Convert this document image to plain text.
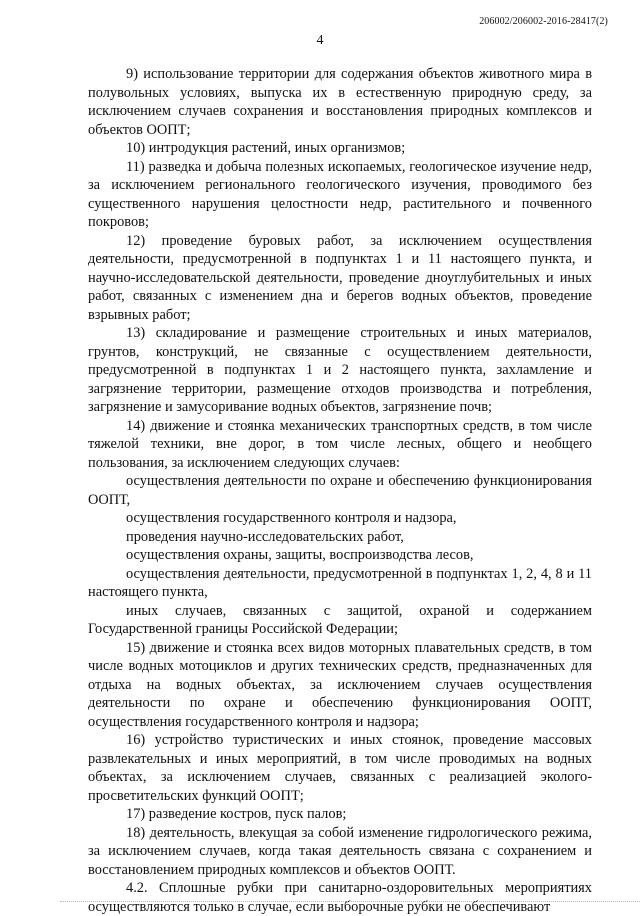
206002/206002-2016-28417(2)
4

9) использование территории для содержания объектов животного мира в полувольных условиях, выпуска их в естественную природную среду, за исключением случаев сохранения и восстановления природных комплексов и объектов ООПТ;

10) интродукция растений, иных организмов;

11) разведка и добыча полезных ископаемых, геологическое изучение недр, за исключением регионального геологического изучения, проводимого без существенного нарушения целостности недр, растительного и почвенного покровов;

12) проведение буровых работ, за исключением осуществления деятельности, предусмотренной в подпунктах 1 и 11 настоящего пункта, и научно-исследовательской деятельности, проведение дноуглубительных и иных работ, связанных с изменением дна и берегов водных объектов, проведение взрывных работ;

13) складирование и размещение строительных и иных материалов, грунтов, конструкций, не связанные с осуществлением деятельности, предусмотренной в подпунктах 1 и 2 настоящего пункта, захламление и загрязнение территории, размещение отходов производства и потребления, загрязнение и замусоривание водных объектов, загрязнение почв;

14) движение и стоянка механических транспортных средств, в том числе тяжелой техники, вне дорог, в том числе лесных, общего и необщего пользования, за исключением следующих случаев:

осуществления деятельности по охране и обеспечению функционирования ООПТ,

осуществления государственного контроля и надзора,

проведения научно-исследовательских работ,

осуществления охраны, защиты, воспроизводства лесов,

осуществления деятельности, предусмотренной в подпунктах 1, 2, 4, 8 и 11 настоящего пункта,

иных случаев, связанных с защитой, охраной и содержанием Государственной границы Российской Федерации;

15) движение и стоянка всех видов моторных плавательных средств, в том числе водных мотоциклов и других технических средств, предназначенных для отдыха на водных объектах, за исключением случаев осуществления деятельности по охране и обеспечению функционирования ООПТ, осуществления государственного контроля и надзора;

16) устройство туристических и иных стоянок, проведение массовых развлекательных и иных мероприятий, в том числе проводимых на водных объектах, за исключением случаев, связанных с реализацией эколого-просветительских функций ООПТ;

17) разведение костров, пуск палов;

18) деятельность, влекущая за собой изменение гидрологического режима, за исключением случаев, когда такая деятельность связана с сохранением и восстановлением природных комплексов и объектов ООПТ.

4.2. Сплошные рубки при санитарно-оздоровительных мероприятиях осуществляются только в случае, если выборочные рубки не обеспечивают
